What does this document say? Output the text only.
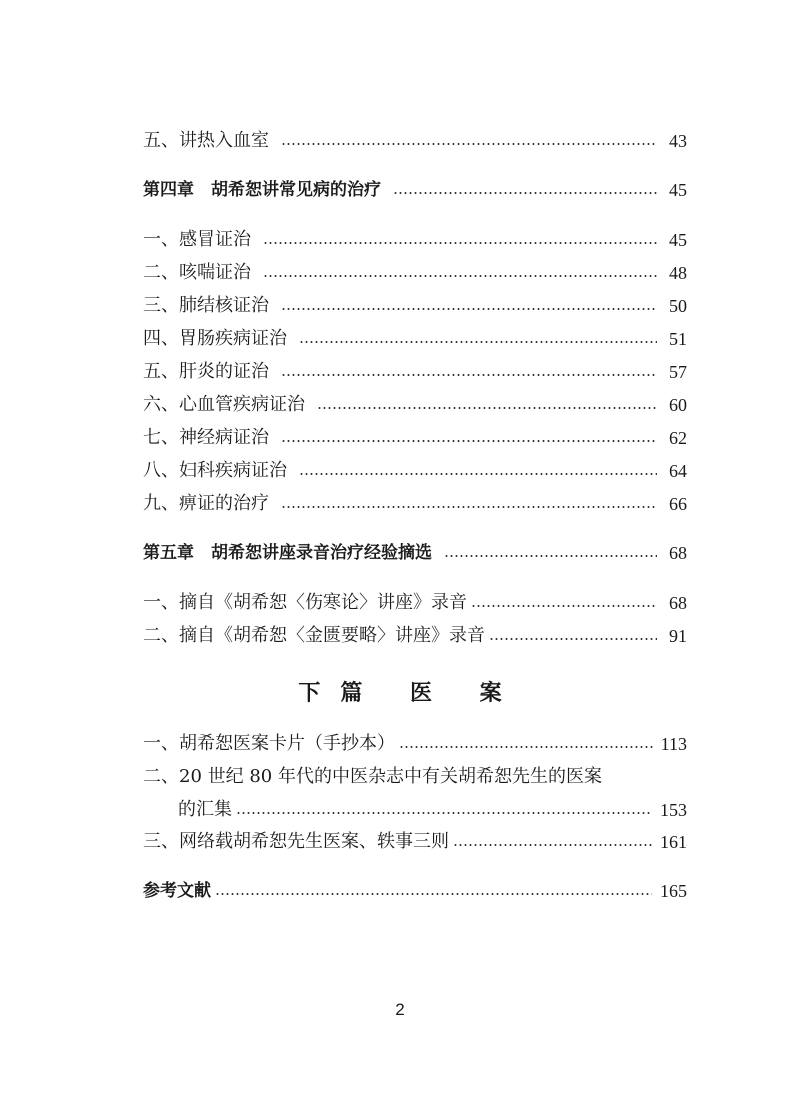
五、讲热入血室	43
第四章　胡希恕讲常见病的治疗	45
一、感冒证治	45
二、咳喘证治	48
三、肺结核证治	50
四、胃肠疾病证治	51
五、肝炎的证治	57
六、心血管疾病证治	60
七、神经病证治	62
八、妇科疾病证治	64
九、痹证的治疗	66
第五章　胡希恕讲座录音治疗经验摘选	68
一、摘自《胡希恕〈伤寒论〉讲座》录音	68
二、摘自《胡希恕〈金匮要略〉讲座》录音	91
下篇 医 案
一、胡希恕医案卡片（手抄本）	113
二、20 世纪 80 年代的中医杂志中有关胡希恕先生的医案
的汇集	153
三、网络载胡希恕先生医案、轶事三则	161
参考文献	165
2
